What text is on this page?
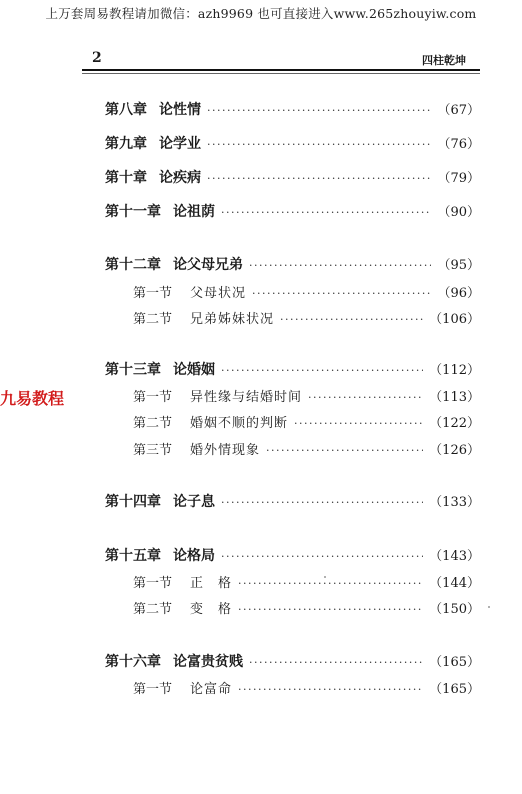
上万套周易教程请加微信：azh9969 也可直接进入www.265zhouyiw.com
2	四柱乾坤
第八章 论性情 ·····	（67）
第九章 论学业 ·····	（76）
第十章 论疾病 ·····	（79）
第十一章 论祖荫 ·····	（90）
第十二章 论父母兄弟 ·····	（95）
第一节 父母状况 ·····	（96）
第二节 兄弟姊妹状况 ·····	（106）
第十三章 论婚姻 ·····	（112）
第一节 异性缘与结婚时间 ·····	（113）
第二节 婚姻不顺的判断 ·····	（122）
第三节 婚外情现象 ·····	（126）
第十四章 论子息 ·····	（133）
第十五章 论格局 ·····	（143）
第一节 正　格 ·····	（144）
第二节 变　格 ·····	（150）
第十六章 论富贵贫贱 ·····	（165）
第一节 论富命 ·····	（165）
九易教程
